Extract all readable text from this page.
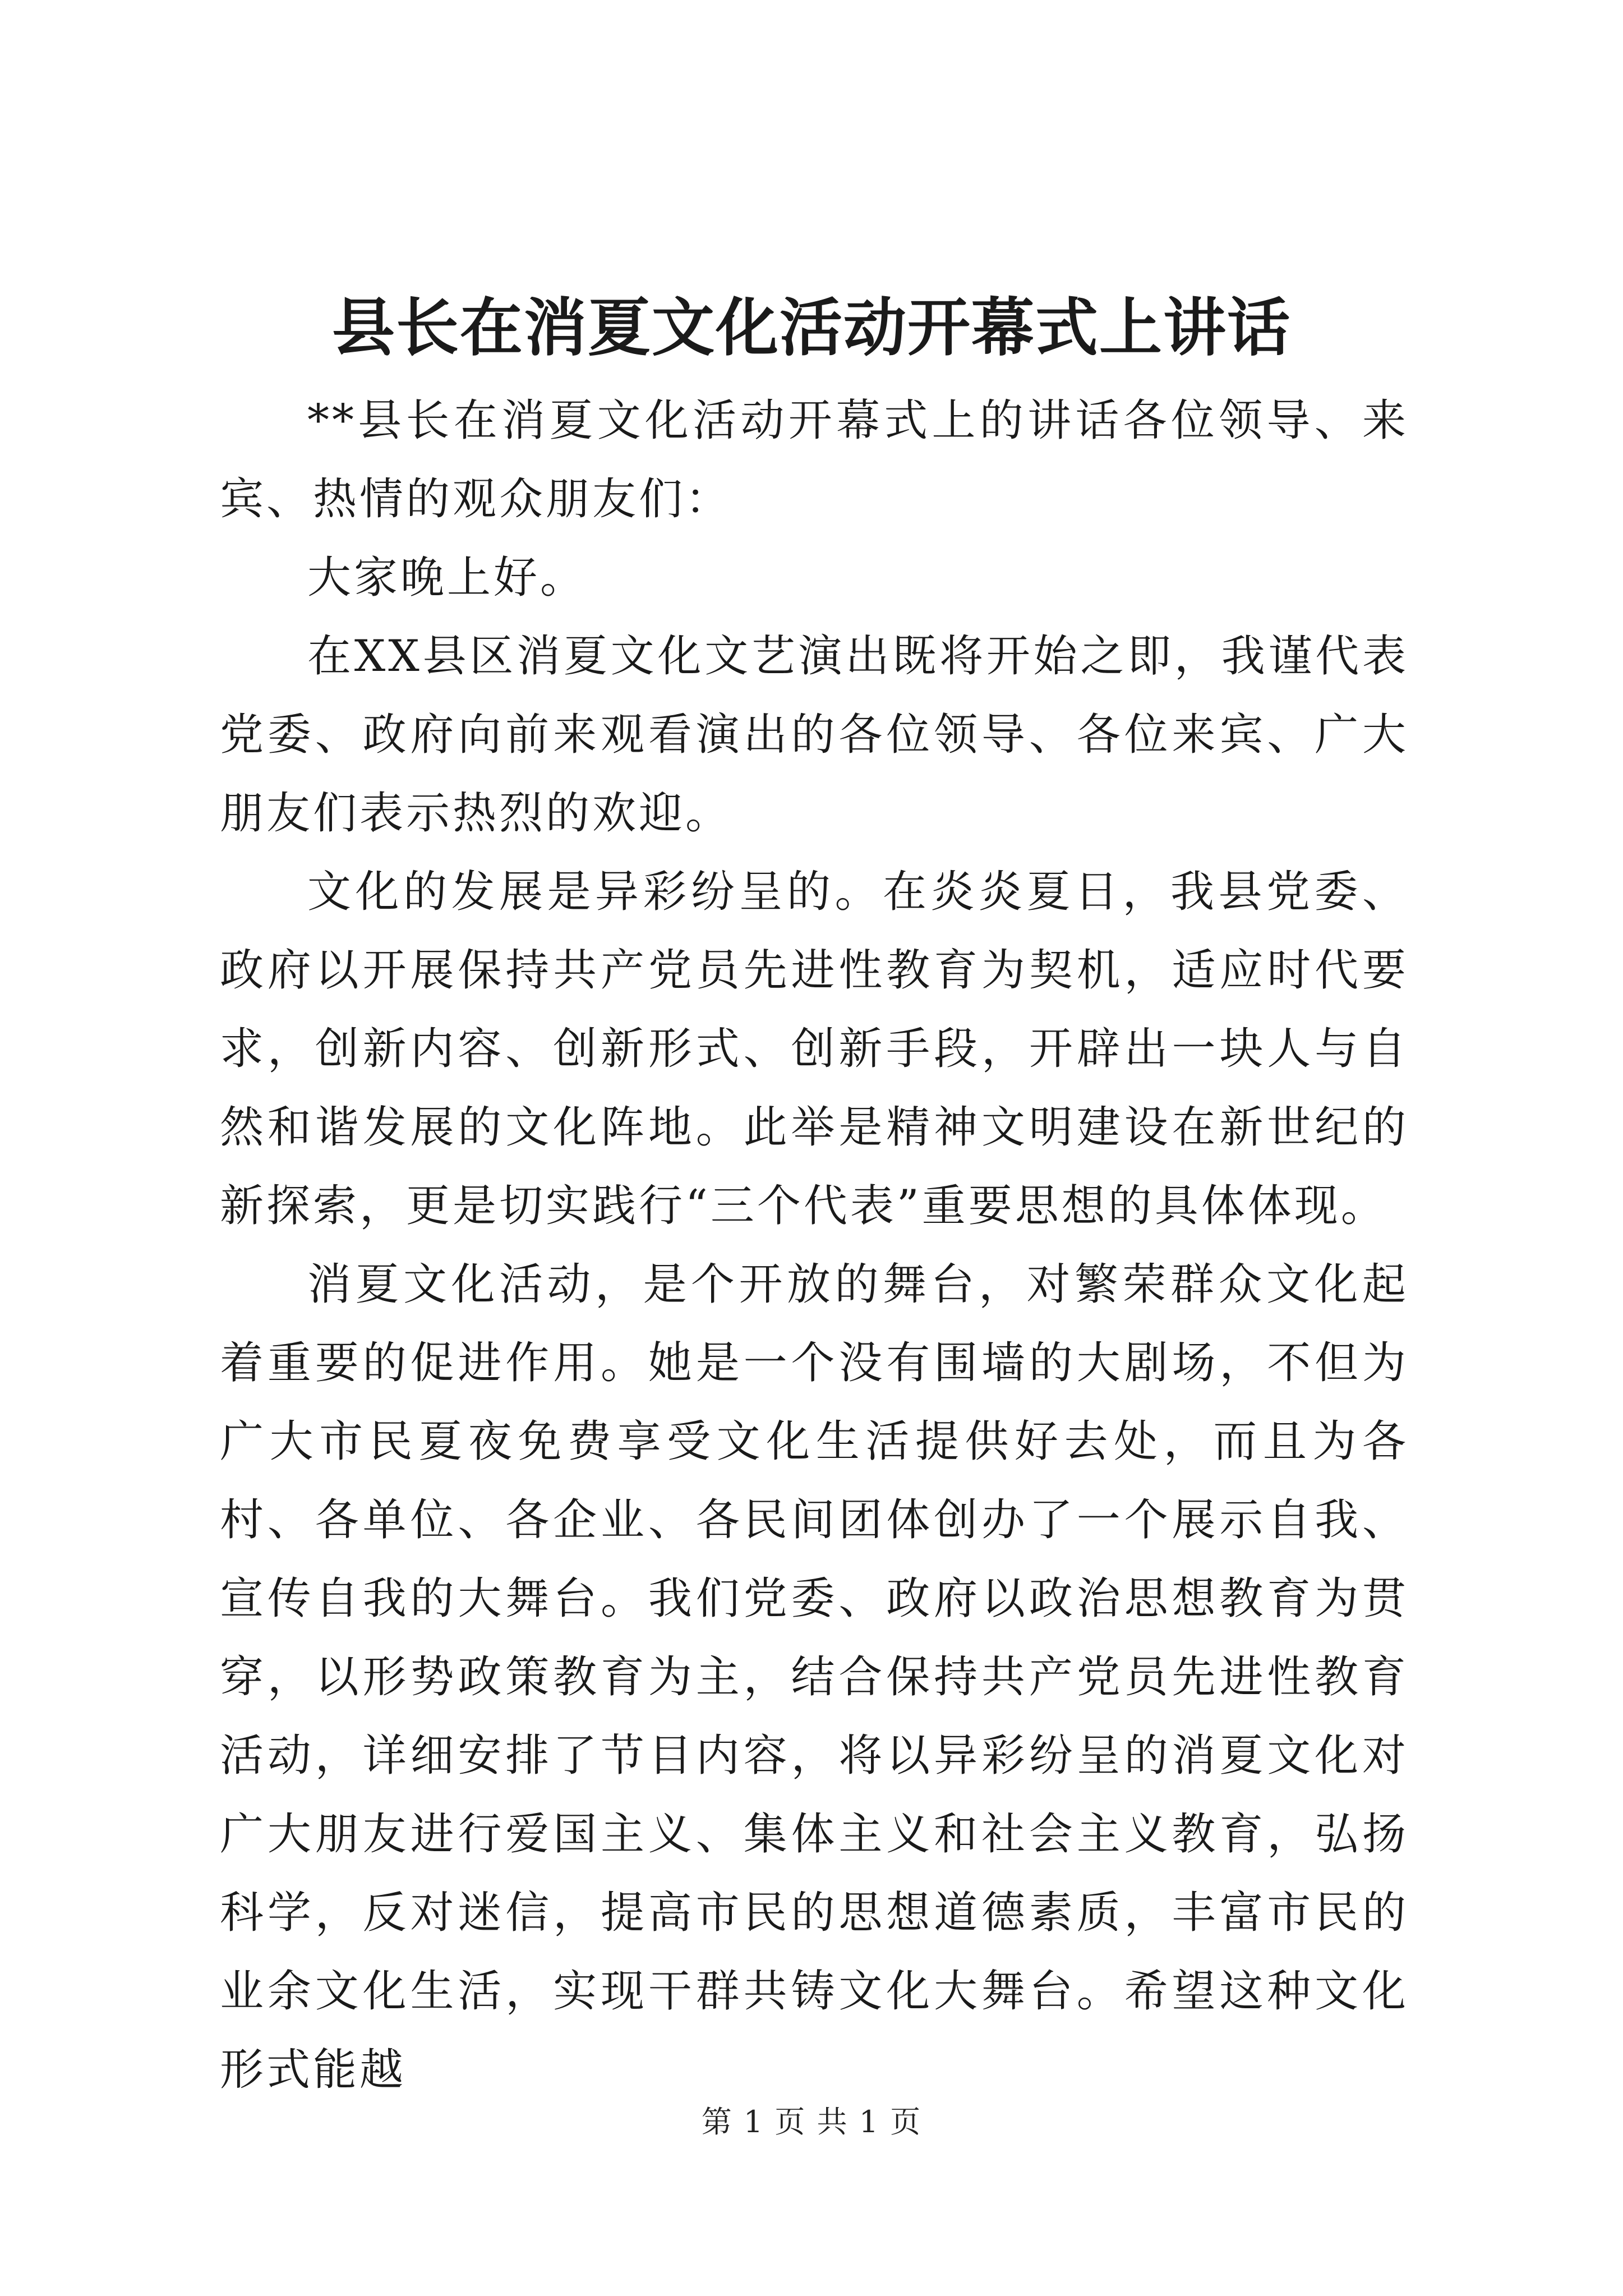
县长在消夏文化活动开幕式上讲话

**县长在消夏文化活动开幕式上的讲话各位领导、来宾、热情的观众朋友们：

大家晚上好。

在XX县区消夏文化文艺演出既将开始之即，我谨代表党委、政府向前来观看演出的各位领导、各位来宾、广大朋友们表示热烈的欢迎。

文化的发展是异彩纷呈的。在炎炎夏日，我县党委、政府以开展保持共产党员先进性教育为契机，适应时代要求，创新内容、创新形式、创新手段，开辟出一块人与自然和谐发展的文化阵地。此举是精神文明建设在新世纪的新探索，更是切实践行“三个代表”重要思想的具体体现。

消夏文化活动，是个开放的舞台，对繁荣群众文化起着重要的促进作用。她是一个没有围墙的大剧场，不但为广大市民夏夜免费享受文化生活提供好去处，而且为各村、各单位、各企业、各民间团体创办了一个展示自我、宣传自我的大舞台。我们党委、政府以政治思想教育为贯穿，以形势政策教育为主，结合保持共产党员先进性教育活动，详细安排了节目内容，将以异彩纷呈的消夏文化对广大朋友进行爱国主义、集体主义和社会主义教育，弘扬科学，反对迷信，提高市民的思想道德素质，丰富市民的业余文化生活，实现干群共铸文化大舞台。希望这种文化形式能越

第 1 页 共 1 页
